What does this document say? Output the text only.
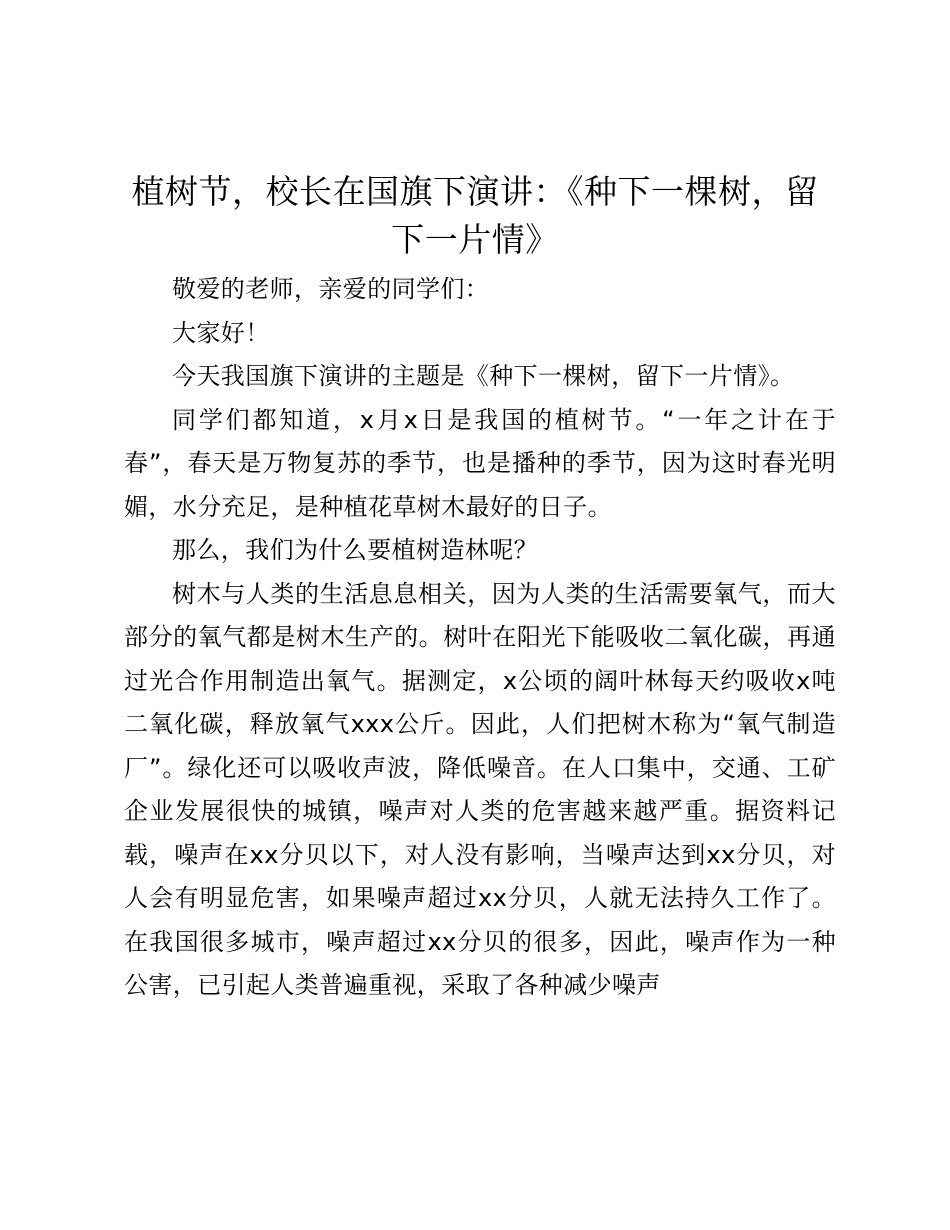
植树节，校长在国旗下演讲：《种下一棵树，留下一片情》

敬爱的老师，亲爱的同学们：

大家好！

今天我国旗下演讲的主题是《种下一棵树，留下一片情》。

同学们都知道，x月x日是我国的植树节。“一年之计在于春”，春天是万物复苏的季节，也是播种的季节，因为这时春光明媚，水分充足，是种植花草树木最好的日子。

那么，我们为什么要植树造林呢？

树木与人类的生活息息相关，因为人类的生活需要氧气，而大部分的氧气都是树木生产的。树叶在阳光下能吸收二氧化碳，再通过光合作用制造出氧气。据测定，x公顷的阔叶林每天约吸收x吨二氧化碳，释放氧气xxx公斤。因此，人们把树木称为“氧气制造厂”。绿化还可以吸收声波，降低噪音。在人口集中，交通、工矿企业发展很快的城镇，噪声对人类的危害越来越严重。据资料记载，噪声在xx分贝以下，对人没有影响，当噪声达到xx分贝，对人会有明显危害，如果噪声超过xx分贝，人就无法持久工作了。在我国很多城市，噪声超过xx分贝的很多，因此，噪声作为一种公害，已引起人类普遍重视，采取了各种减少噪声
